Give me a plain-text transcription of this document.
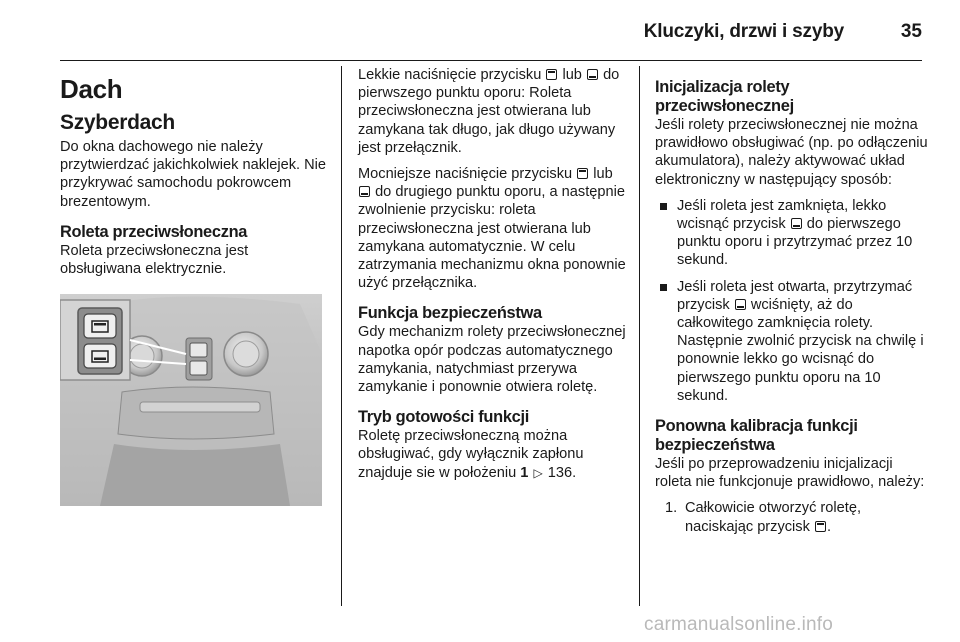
Kluczyki, drzwi i szyby	35
Dach
Szyberdach

Do okna dachowego nie należy przytwierdzać jakichkolwiek naklejek. Nie przykrywać samochodu pokrowcem brezentowym.

Roleta przeciwsłoneczna

Roleta przeciwsłoneczna jest obsługiwana elektrycznie.

Lekkie naciśnięcie przycisku lub do pierwszego punktu oporu: Roleta przeciwsłoneczna jest otwierana lub zamykana tak długo, jak długo używany jest przełącznik.

Mocniejsze naciśnięcie przycisku lub  do drugiego punktu oporu, a następnie zwolnienie przycisku: roleta przeciwsłoneczna jest otwierana lub zamykana automatycznie. W celu zatrzymania mechanizmu okna ponownie użyć przełącznika.

Funkcja bezpieczeństwa

Gdy mechanizm rolety przeciwsłonecznej napotka opór podczas automatycznego zamykania, natychmiast przerywa zamykanie i ponownie otwiera roletę.

Tryb gotowości funkcji

Roletę przeciwsłoneczną można obsługiwać, gdy wyłącznik zapłonu znajduje sie w położeniu 1 ▷ 136.

Inicjalizacja rolety przeciwsłonecznej

Jeśli rolety przeciwsłonecznej nie można prawidłowo obsługiwać (np. po odłączeniu akumulatora), należy aktywować układ elektroniczny w następujący sposób:

Jeśli roleta jest zamknięta, lekko wcisnąć przycisk do pierwszego punktu oporu i przytrzymać przez 10 sekund.
Jeśli roleta jest otwarta, przytrzymać przycisk wciśnięty, aż do całkowitego zamknięcia rolety. Następnie zwolnić przycisk na chwilę i ponownie lekko go wcisnąć do pierwszego punktu oporu na 10 sekund.
Ponowna kalibracja funkcji bezpieczeństwa

Jeśli po przeprowadzeniu inicjalizacji roleta nie funkcjonuje prawidłowo, należy:

1. Całkowicie otworzyć roletę, naciskając przycisk .
carmanualsonline.info
